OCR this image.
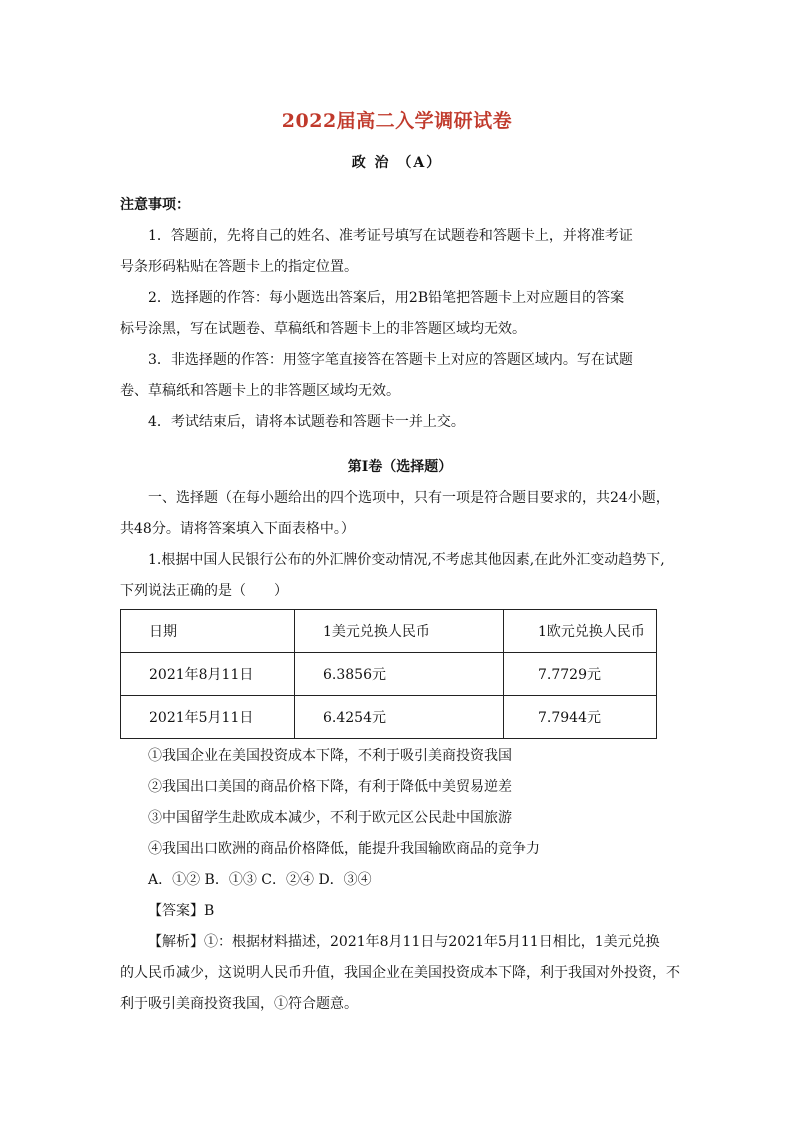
2022届高二入学调研试卷
政 治 （A）
注意事项：
1．答题前，先将自己的姓名、准考证号填写在试题卷和答题卡上，并将准考证
号条形码粘贴在答题卡上的指定位置。
2．选择题的作答：每小题选出答案后，用2B铅笔把答题卡上对应题目的答案
标号涂黑，写在试题卷、草稿纸和答题卡上的非答题区域均无效。
3．非选择题的作答：用签字笔直接答在答题卡上对应的答题区域内。写在试题
卷、草稿纸和答题卡上的非答题区域均无效。
4．考试结束后，请将本试题卷和答题卡一并上交。
第Ⅰ卷（选择题）
一、选择题（在每小题给出的四个选项中，只有一项是符合题目要求的，共24小题，
共48分。请将答案填入下面表格中。）
1.根据中国人民银行公布的外汇牌价变动情况,不考虑其他因素,在此外汇变动趋势下,
下列说法正确的是（　　）
日期	1美元兑换人民币	1欧元兑换人民币
2021年8月11日	6.3856元	7.7729元
2021年5月11日	6.4254元	7.7944元
①我国企业在美国投资成本下降，不利于吸引美商投资我国
②我国出口美国的商品价格下降，有利于降低中美贸易逆差
③中国留学生赴欧成本减少，不利于欧元区公民赴中国旅游
④我国出口欧洲的商品价格降低，能提升我国输欧商品的竞争力
A．①② B．①③ C．②④ D．③④
【答案】B
【解析】①：根据材料描述，2021年8月11日与2021年5月11日相比，1美元兑换
的人民币减少，这说明人民币升值，我国企业在美国投资成本下降，利于我国对外投资，不
利于吸引美商投资我国，①符合题意。
